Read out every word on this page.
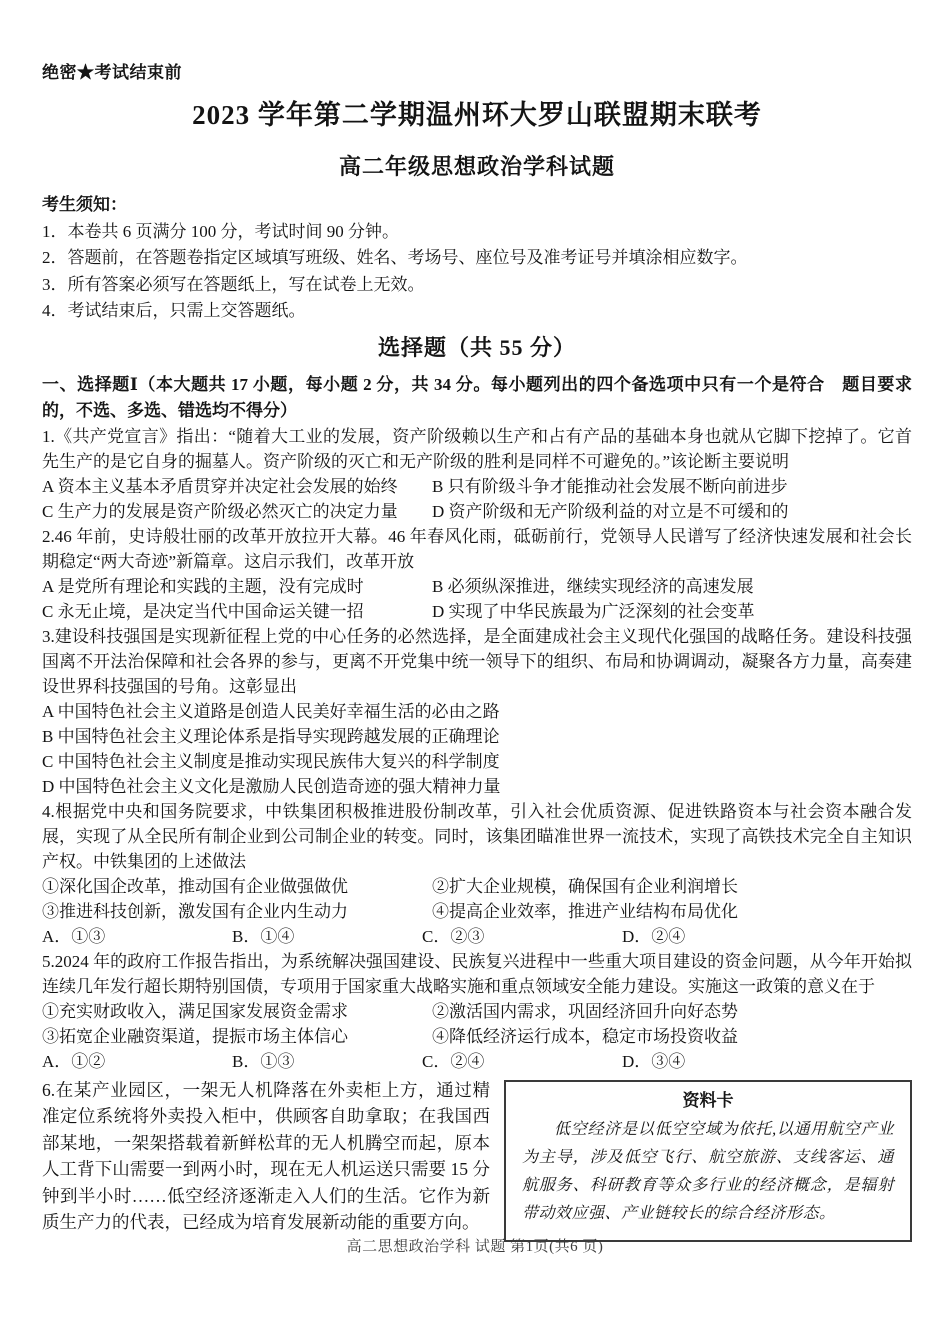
绝密★考试结束前
2023 学年第二学期温州环大罗山联盟期末联考
高二年级思想政治学科试题
考生须知：
1．本卷共 6 页满分 100 分，考试时间 90 分钟。
2．答题前，在答题卷指定区域填写班级、姓名、考场号、座位号及准考证号并填涂相应数字。
3．所有答案必须写在答题纸上，写在试卷上无效。
4．考试结束后，只需上交答题纸。
选择题（共 55 分）
一、选择题Ⅰ（本大题共 17 小题，每小题 2 分，共 34 分。每小题列出的四个备选项中只有一个是符合　题目要求的，不选、多选、错选均不得分）
1.《共产党宣言》指出：“随着大工业的发展，资产阶级赖以生产和占有产品的基础本身也就从它脚下挖掉了。它首先生产的是它自身的掘墓人。资产阶级的灭亡和无产阶级的胜利是同样不可避免的。”该论断主要说明
A 资本主义基本矛盾贯穿并决定社会发展的始终	B 只有阶级斗争才能推动社会发展不断向前进步
C 生产力的发展是资产阶级必然灭亡的决定力量	D 资产阶级和无产阶级利益的对立是不可缓和的
2.46 年前，史诗般壮丽的改革开放拉开大幕。46 年春风化雨，砥砺前行，党领导人民谱写了经济快速发展和社会长期稳定“两大奇迹”新篇章。这启示我们，改革开放
A 是党所有理论和实践的主题，没有完成时	B 必须纵深推进，继续实现经济的高速发展
C 永无止境，是决定当代中国命运关键一招	D 实现了中华民族最为广泛深刻的社会变革
3.建设科技强国是实现新征程上党的中心任务的必然选择，是全面建成社会主义现代化强国的战略任务。建设科技强国离不开法治保障和社会各界的参与，更离不开党集中统一领导下的组织、布局和协调调动，凝聚各方力量，高奏建设世界科技强国的号角。这彰显出
A 中国特色社会主义道路是创造人民美好幸福生活的必由之路
B 中国特色社会主义理论体系是指导实现跨越发展的正确理论
C 中国特色社会主义制度是推动实现民族伟大复兴的科学制度
D 中国特色社会主义文化是激励人民创造奇迹的强大精神力量
4.根据党中央和国务院要求，中铁集团积极推进股份制改革，引入社会优质资源、促进铁路资本与社会资本融合发展，实现了从全民所有制企业到公司制企业的转变。同时，该集团瞄准世界一流技术，实现了高铁技术完全自主知识产权。中铁集团的上述做法
①深化国企改革，推动国有企业做强做优	②扩大企业规模，确保国有企业利润增长
③推进科技创新，激发国有企业内生动力	④提高企业效率，推进产业结构布局优化
A．①③	B．①④	C．②③	D．②④
5.2024 年的政府工作报告指出，为系统解决强国建设、民族复兴进程中一些重大项目建设的资金问题，从今年开始拟连续几年发行超长期特别国债，专项用于国家重大战略实施和重点领域安全能力建设。实施这一政策的意义在于
①充实财政收入，满足国家发展资金需求	②激活国内需求，巩固经济回升向好态势
③拓宽企业融资渠道，提振市场主体信心	④降低经济运行成本，稳定市场投资收益
A．①②	B．①③	C．②④	D．③④
6.在某产业园区，一架无人机降落在外卖柜上方，通过精准定位系统将外卖投入柜中，供顾客自助拿取；在我国西部某地，一架架搭载着新鲜松茸的无人机腾空而起，原本人工背下山需要一到两小时，现在无人机运送只需要 15 分钟到半小时……低空经济逐渐走入人们的生活。它作为新质生产力的代表，已经成为培育发展新动能的重要方向。
资料卡
低空经济是以低空空域为依托,以通用航空产业为主导，涉及低空飞行、航空旅游、支线客运、通航服务、科研教育等众多行业的经济概念，是辐射带动效应强、产业链较长的综合经济形态。
高二思想政治学科 试题 第1页(共6 页)
